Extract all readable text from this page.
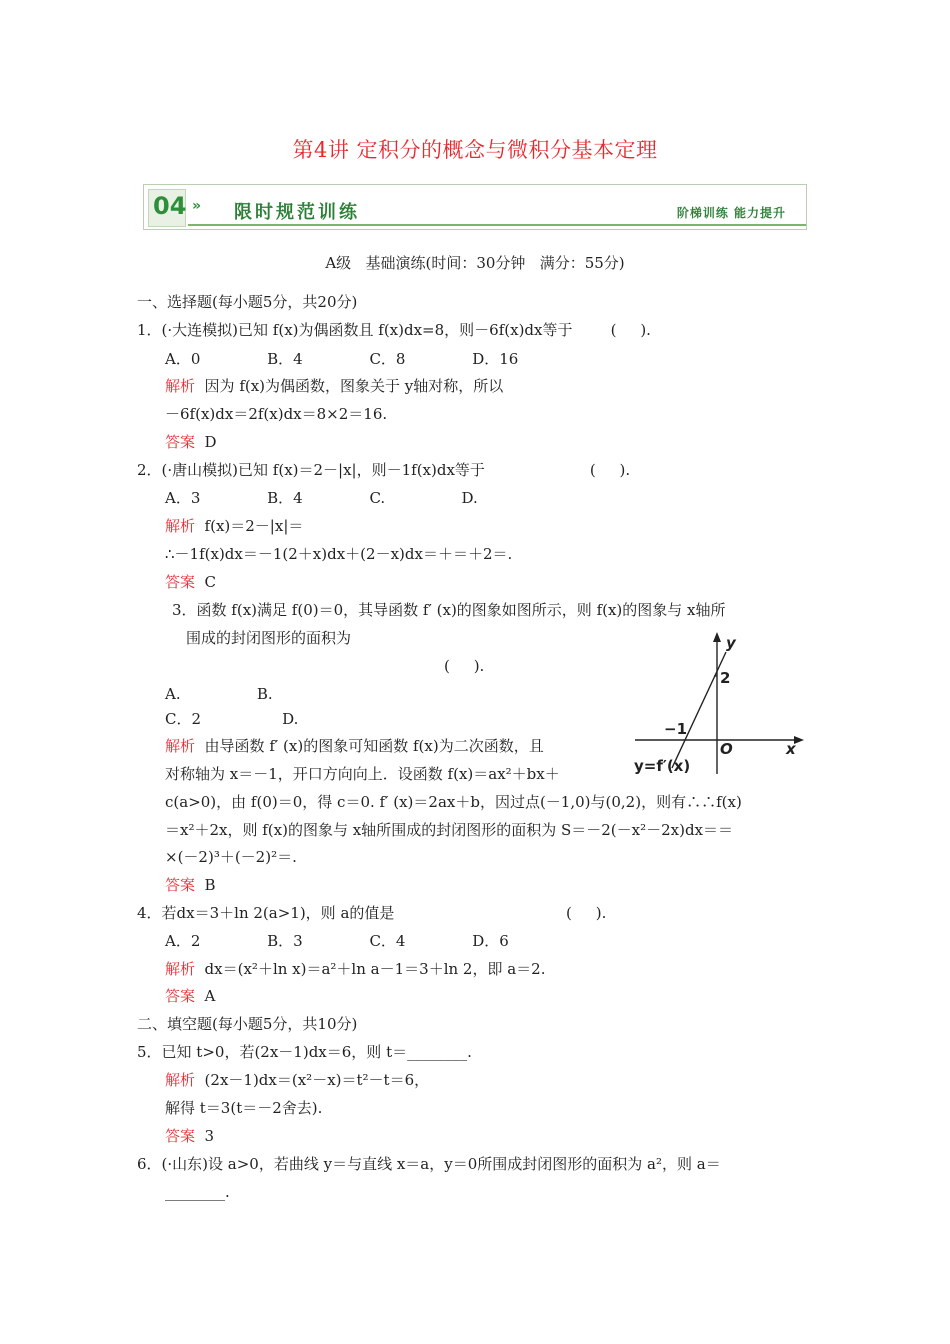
第4讲 定积分的概念与微积分基本定理
04 » 限时规范训练	阶梯训练 能力提升
A级   基础演练(时间：30分钟   满分：55分)
一、选择题(每小题5分，共20分)
1．(·大连模拟)已知 f(x)为偶函数且 f(x)dx=8，则－6f(x)dx等于        (     ).
A．0              B．4              C．8              D．16
解析  因为 f(x)为偶函数，图象关于 y轴对称，所以
－6f(x)dx＝2f(x)dx＝8×2＝16.
答案  D
2．(·唐山模拟)已知 f(x)＝2－|x|，则－1f(x)dx等于                      (     ).
A．3              B．4              C.                D.
解析  f(x)＝2－|x|＝
∴－1f(x)dx＝－1(2＋x)dx＋(2－x)dx＝＋＝＋2＝.
答案  C
3．函数 f(x)满足 f(0)＝0，其导函数 f′ (x)的图象如图所示，则 f(x)的图象与 x轴所
围成的封闭图形的面积为
(     ).
A.                B.
C．2                 D.
解析  由导函数 f′ (x)的图象可知函数 f(x)为二次函数，且
对称轴为 x＝－1，开口方向向上．设函数 f(x)＝ax²＋bx＋
c(a>0)，由 f(0)＝0，得 c＝0. f′ (x)＝2ax＋b，因过点(－1,0)与(0,2)，则有∴∴f(x)
＝x²＋2x，则 f(x)的图象与 x轴所围成的封闭图形的面积为 S＝－2(－x²－2x)dx＝＝
×(－2)³＋(－2)²＝.
答案  B
4．若dx＝3＋ln 2(a>1)，则 a的值是                                    (     ).
A．2              B．3              C．4              D．6
解析  dx＝(x²＋ln x)＝a²＋ln a－1＝3＋ln 2，即 a＝2.
答案  A
二、填空题(每小题5分，共10分)
5．已知 t>0，若(2x－1)dx＝6，则 t＝________.
解析  (2x－1)dx＝(x²－x)＝t²－t＝6，
解得 t＝3(t＝－2舍去).
答案  3
6．(·山东)设 a>0，若曲线 y＝与直线 x＝a，y＝0所围成封闭图形的面积为 a²，则 a＝
________.
y
x
O
2
−1
y=f′(x)
